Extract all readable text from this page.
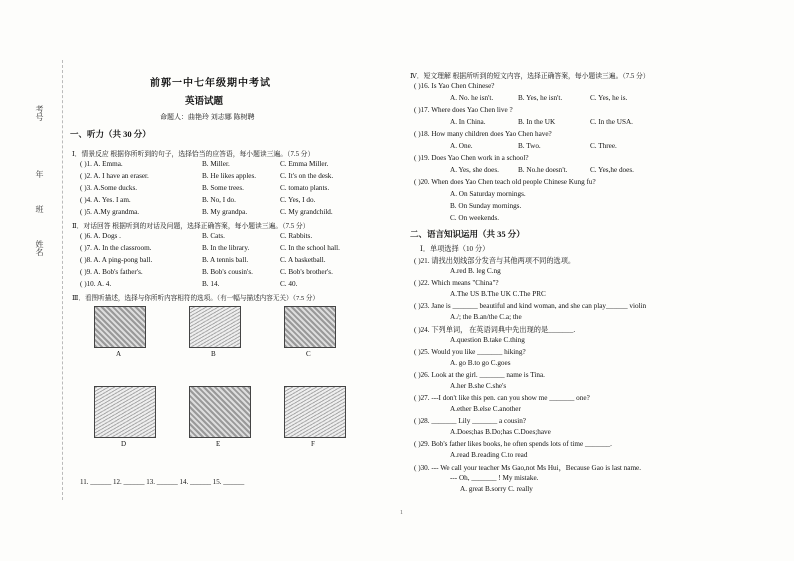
考号
年
班
姓名
前郭一中七年级期中考试
英语试题
命题人：曲艳玲 刘志娜 陈树聘
一、听力（共 30 分）
Ⅰ．情景反应 根据你所听到的句子，选择恰当的应答语，每小题读三遍。（7.5 分）
( )1. A. Emma.	B. Miller.	C. Emma Miller.
( )2. A. I have an eraser.	B. He likes apples.	C. It's on the desk.
( )3. A.Some ducks.	B. Some trees.	C. tomato plants.
( )4. A. Yes. I am.	B. No, I do.	C. Yes, I do.
( )5. A.My grandma.	B. My grandpa.	C. My grandchild.
Ⅱ．对话回答 根据听到的对话及问题，选择正确答案，每小题读三遍。（7.5 分）
( )6. A. Dogs .	B. Cats.	C. Rabbits.
( )7. A. In the classroom.	B. In the library.	C. In the school hall.
( )8. A. A ping-pong ball.	B. A tennis ball.	C. A basketball.
( )9. A. Bob's father's.	B. Bob's cousin's.	C. Bob's brother's.
( )10. A. 4.	B. 14.	C. 40.
Ⅲ．看图听描述，选择与你所听内容相符的选项。（有一幅与描述内容无关）（7.5 分）
A	B	C
D	E	F
11. ______ 12. ______ 13. ______ 14. ______ 15. ______
Ⅳ．短文理解 根据所听到的短文内容，选择正确答案，每小题读三遍。（7.5 分）
( )16. Is Yao Chen Chinese?
A. No. he isn't.	B. Yes, he isn't.	C. Yes, he is.
( )17. Where does Yao Chen live ?
A. In China.	B. In the UK	C. In the USA.
( )18. How many children does Yao Chen have?
A. One.	B. Two.	C. Three.
( )19. Does Yao Chen work in a school?
A. Yes, she does.	B. No.he doesn't.	C. Yes,he does.
( )20. When does Yao Chen teach old people Chinese Kung fu?
A. On Saturday mornings.
B. On Sunday mornings.
C. On weekends.
二、语言知识运用（共 35 分）
Ⅰ．单项选择（10 分）
( )21. 请找出划线部分发音与其他两项不同的选项。
A.red B. leg C.ng
( )22. Which means "China"?
A.The US B.The UK C.The PRC
( )23. Jane is _______ beautiful and kind woman, and she can play______ violin
A./; the B.an/the C.a; the
( )24. 下列单词， 在英语词典中先出现的是_______.
A.question B.take C.thing
( )25. Would you like _______ hiking?
A. go B.to go C.goes
( )26. Look at the girl. _______ name is Tina.
A.her B.she C.she's
( )27. ---I don't like this pen. can you show me _______ one?
A.ether B.else C.another
( )28. _______ Lily _______ a cousin?
A.Does;has B.Do;has C.Does;have
( )29. Bob's father likes books, he often spends lots of time _______.
A.read B.reading C.to read
( )30. --- We call your teacher Ms Gao,not Ms Hui，Because Gao is last name.
--- Oh, _______ ! My mistake.
A. great B.sorry C. really
1
